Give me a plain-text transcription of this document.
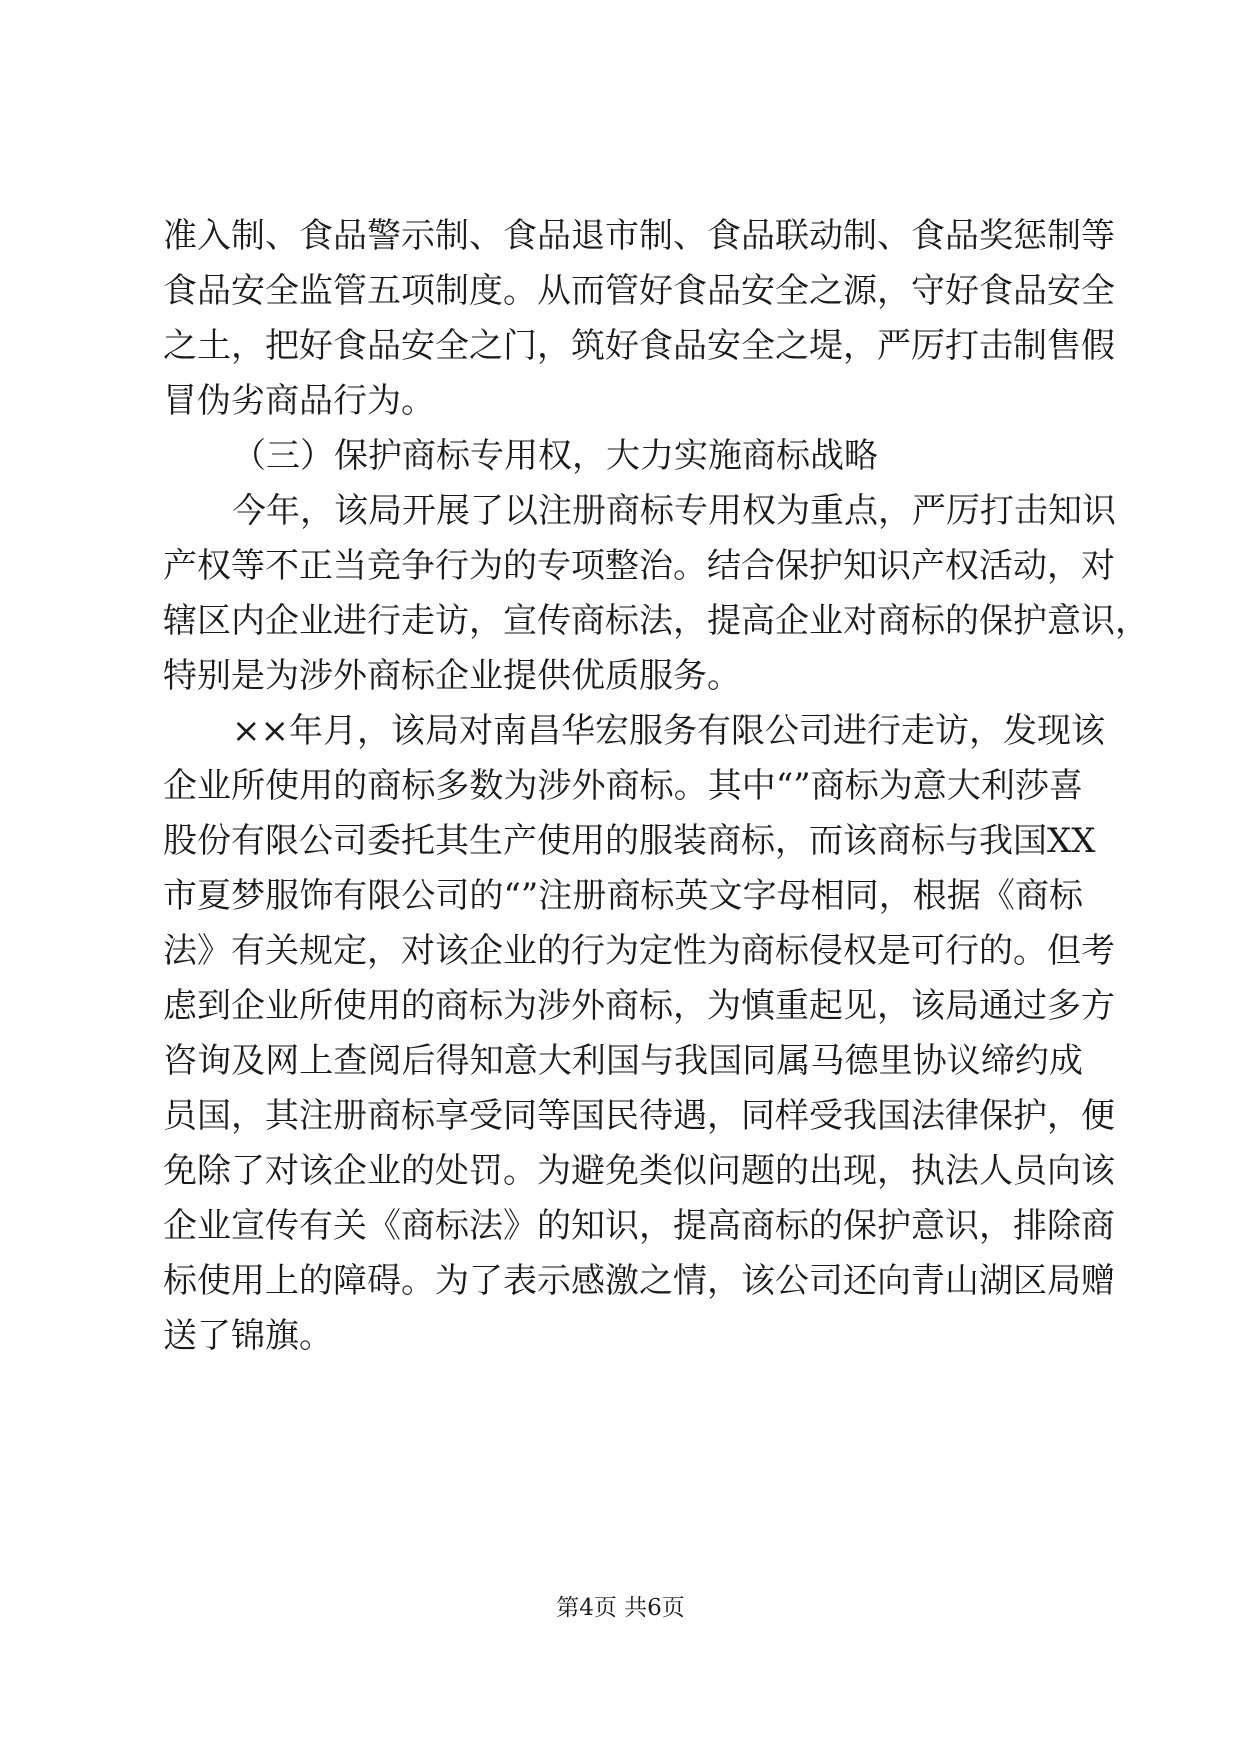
准入制、食品警示制、食品退市制、食品联动制、食品奖惩制等
食品安全监管五项制度。从而管好食品安全之源，守好食品安全
之土，把好食品安全之门，筑好食品安全之堤，严厉打击制售假
冒伪劣商品行为。
（三）保护商标专用权，大力实施商标战略
今年，该局开展了以注册商标专用权为重点，严厉打击知识
产权等不正当竞争行为的专项整治。结合保护知识产权活动，对
辖区内企业进行走访，宣传商标法，提高企业对商标的保护意识，
特别是为涉外商标企业提供优质服务。
××年月，该局对南昌华宏服务有限公司进行走访，发现该
企业所使用的商标多数为涉外商标。其中“”商标为意大利莎喜
股份有限公司委托其生产使用的服装商标，而该商标与我国XX
市夏梦服饰有限公司的“”注册商标英文字母相同，根据《商标
法》有关规定，对该企业的行为定性为商标侵权是可行的。但考
虑到企业所使用的商标为涉外商标，为慎重起见，该局通过多方
咨询及网上查阅后得知意大利国与我国同属马德里协议缔约成
员国，其注册商标享受同等国民待遇，同样受我国法律保护，便
免除了对该企业的处罚。为避免类似问题的出现，执法人员向该
企业宣传有关《商标法》的知识，提高商标的保护意识，排除商
标使用上的障碍。为了表示感激之情，该公司还向青山湖区局赠
送了锦旗。
第4页 共6页
